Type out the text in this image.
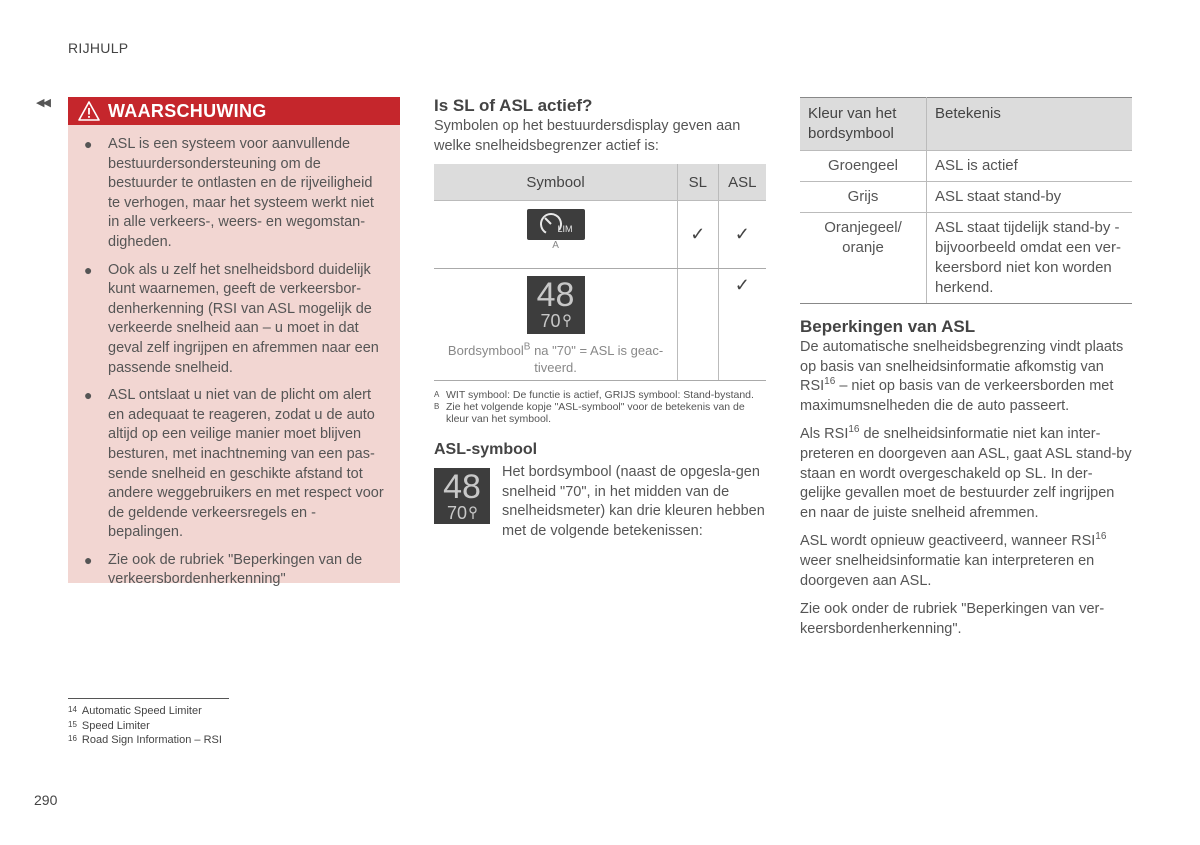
RIJHULP
◀◀	WAARSCHUWING
● ASL is een systeem voor aanvullende bestuurdersondersteuning om de bestuurder te ontlasten en de rijveiligheid te verhogen, maar het systeem werkt niet in alle verkeers-, weers- en wegomstan-digheden.
● Ook als u zelf het snelheidsbord duidelijk kunt waarnemen, geeft de verkeersbor-denherkenning (RSI van ASL mogelijk de verkeerde snelheid aan – u moet in dat geval zelf ingrijpen en afremmen naar een passende snelheid.
● ASL ontslaat u niet van de plicht om alert en adequaat te reageren, zodat u de auto altijd op een veilige manier moet blijven besturen, met inachtneming van een pas-sende snelheid en geschikte afstand tot andere weggebruikers en met respect voor de geldende verkeersregels en -bepalingen.
● Zie ook de rubriek "Beperkingen van de verkeersbordenherkenning"
Is SL of ASL actief?

Symbolen op het bestuurdersdisplay geven aan welke snelheidsbegrenzer actief is:

Symbool	SL	ASL

LIM
A	✓	✓

48
70
Bordsymbool$^B$ na "70" = ASL is geac-tiveerd.		✓
A WIT symbool: De functie is actief, GRIJS symbool: Stand-bystand.
B Zie het volgende kopje "ASL-symbool" voor de betekenis van de kleur van het symbool.
ASL-symbool
48
70

Het bordsymbool (naast de opgesla-gen snelheid "70", in het midden van de snelheidsmeter) kan drie kleuren hebben met de volgende betekenissen:

Kleur van het bordsymbool	Betekenis
Groengeel	ASL is actief
Grijs	ASL staat stand-by
Oranjegeel/ oranje	ASL staat tijdelijk stand-by - bijvoorbeeld omdat een ver-keersbord niet kon worden herkend.
Beperkingen van ASL

De automatische snelheidsbegrenzing vindt plaats op basis van snelheidsinformatie afkomstig van RSI$^{16}$ – niet op basis van de verkeersborden met maximumsnelheden die de auto passeert.

Als RSI$^{16}$ de snelheidsinformatie niet kan inter-preteren en doorgeven aan ASL, gaat ASL stand-by staan en wordt overgeschakeld op SL. In der-gelijke gevallen moet de bestuurder zelf ingrijpen en naar de juiste snelheid afremmen.

ASL wordt opnieuw geactiveerd, wanneer RSI$^{16}$ weer snelheidsinformatie kan interpreteren en doorgeven aan ASL.

Zie ook onder de rubriek "Beperkingen van ver-keersbordenherkenning".

$^{14}$ Automatic Speed Limiter
$^{15}$ Speed Limiter
$^{16}$ Road Sign Information – RSI
290
